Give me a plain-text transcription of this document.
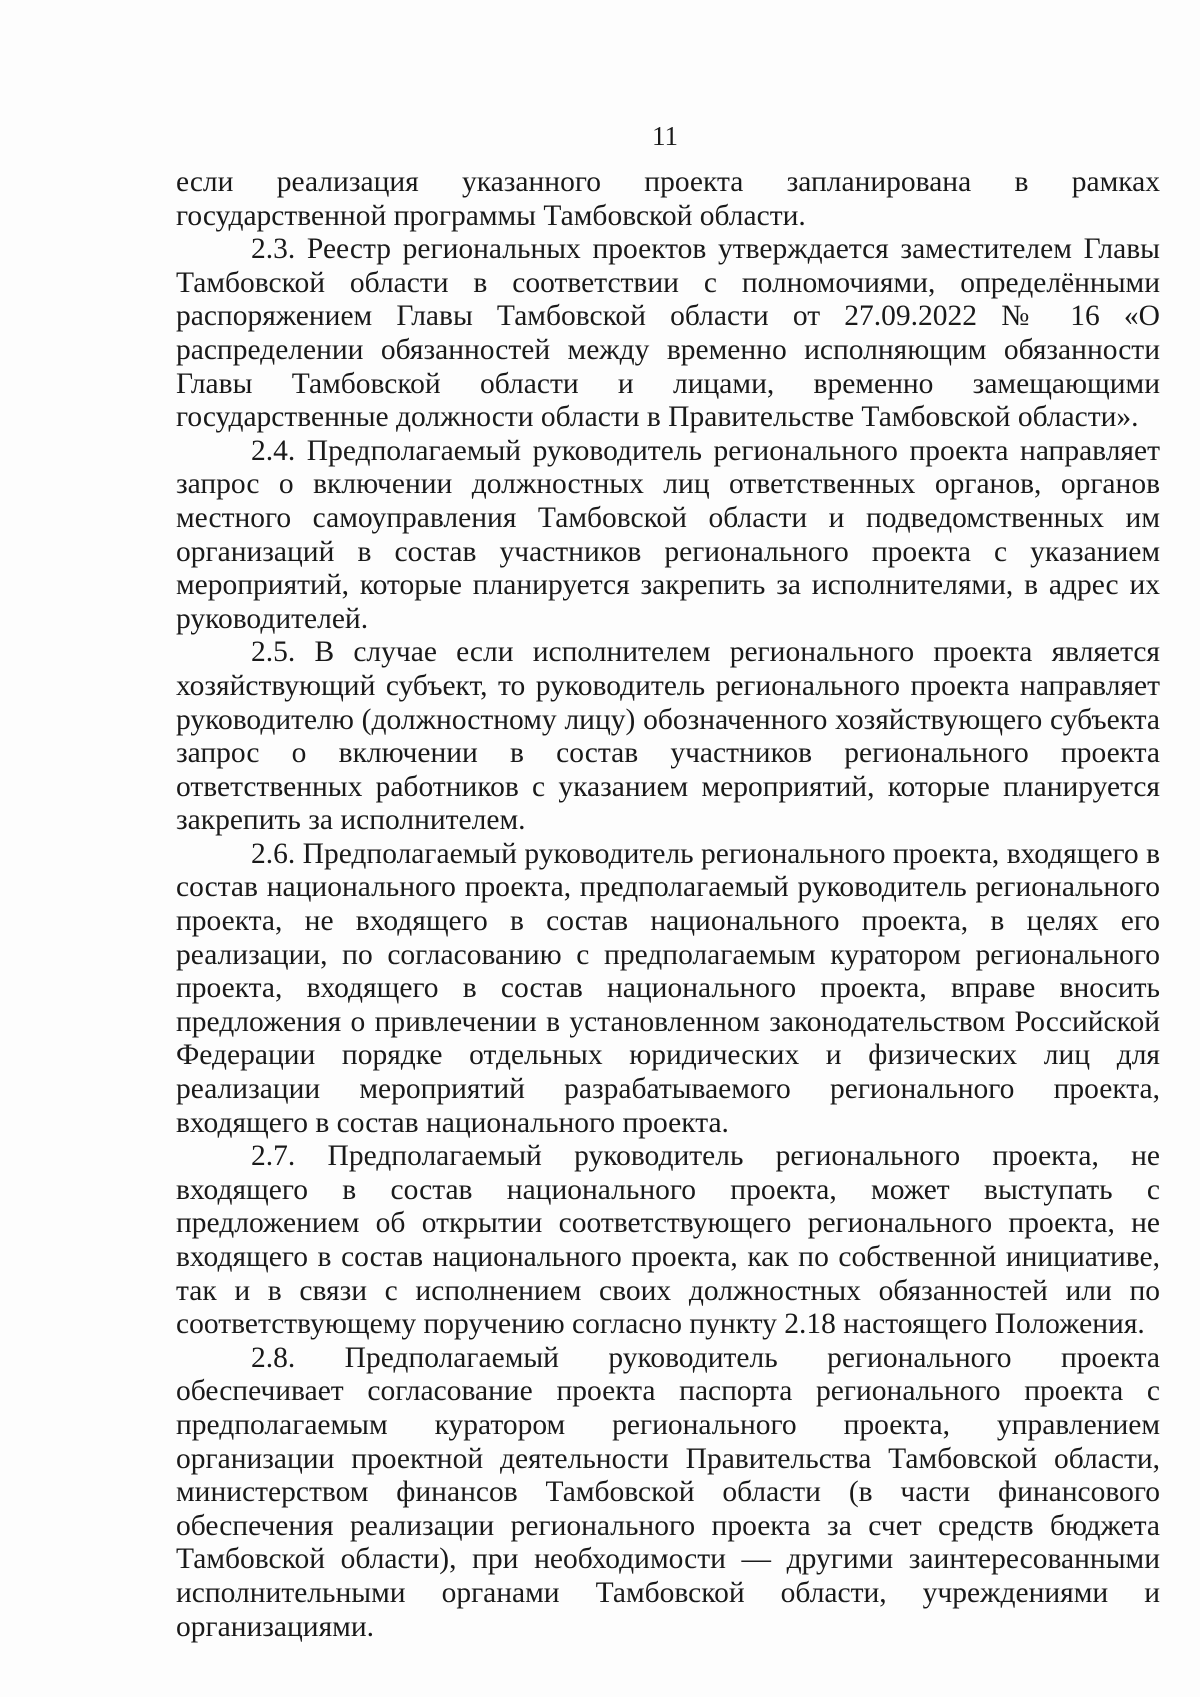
11

если реализация указанного проекта запланирована в рамках государственной программы Тамбовской области.

2.3. Реестр региональных проектов утверждается заместителем Главы Тамбовской области в соответствии с полномочиями, определёнными распоряжением Главы Тамбовской области от 27.09.2022 № 16 «О распределении обязанностей между временно исполняющим обязанности Главы Тамбовской области и лицами, временно замещающими государственные должности области в Правительстве Тамбовской области».

2.4. Предполагаемый руководитель регионального проекта направляет запрос о включении должностных лиц ответственных органов, органов местного самоуправления Тамбовской области и подведомственных им организаций в состав участников регионального проекта с указанием мероприятий, которые планируется закрепить за исполнителями, в адрес их руководителей.

2.5. В случае если исполнителем регионального проекта является хозяйствующий субъект, то руководитель регионального проекта направляет руководителю (должностному лицу) обозначенного хозяйствующего субъекта запрос о включении в состав участников регионального проекта ответственных работников с указанием мероприятий, которые планируется закрепить за исполнителем.

2.6. Предполагаемый руководитель регионального проекта, входящего в состав национального проекта, предполагаемый руководитель регионального проекта, не входящего в состав национального проекта, в целях его реализации, по согласованию с предполагаемым куратором регионального проекта, входящего в состав национального проекта, вправе вносить предложения о привлечении в установленном законодательством Российской Федерации порядке отдельных юридических и физических лиц для реализации мероприятий разрабатываемого регионального проекта, входящего в состав национального проекта.

2.7. Предполагаемый руководитель регионального проекта, не входящего в состав национального проекта, может выступать с предложением об открытии соответствующего регионального проекта, не входящего в состав национального проекта, как по собственной инициативе, так и в связи с исполнением своих должностных обязанностей или по соответствующему поручению согласно пункту 2.18 настоящего Положения.

2.8. Предполагаемый руководитель регионального проекта обеспечивает согласование проекта паспорта регионального проекта с предполагаемым куратором регионального проекта, управлением организации проектной деятельности Правительства Тамбовской области, министерством финансов Тамбовской области (в части финансового обеспечения реализации регионального проекта за счет средств бюджета Тамбовской области), при необходимости — другими заинтересованными исполнительными органами Тамбовской области, учреждениями и организациями.
